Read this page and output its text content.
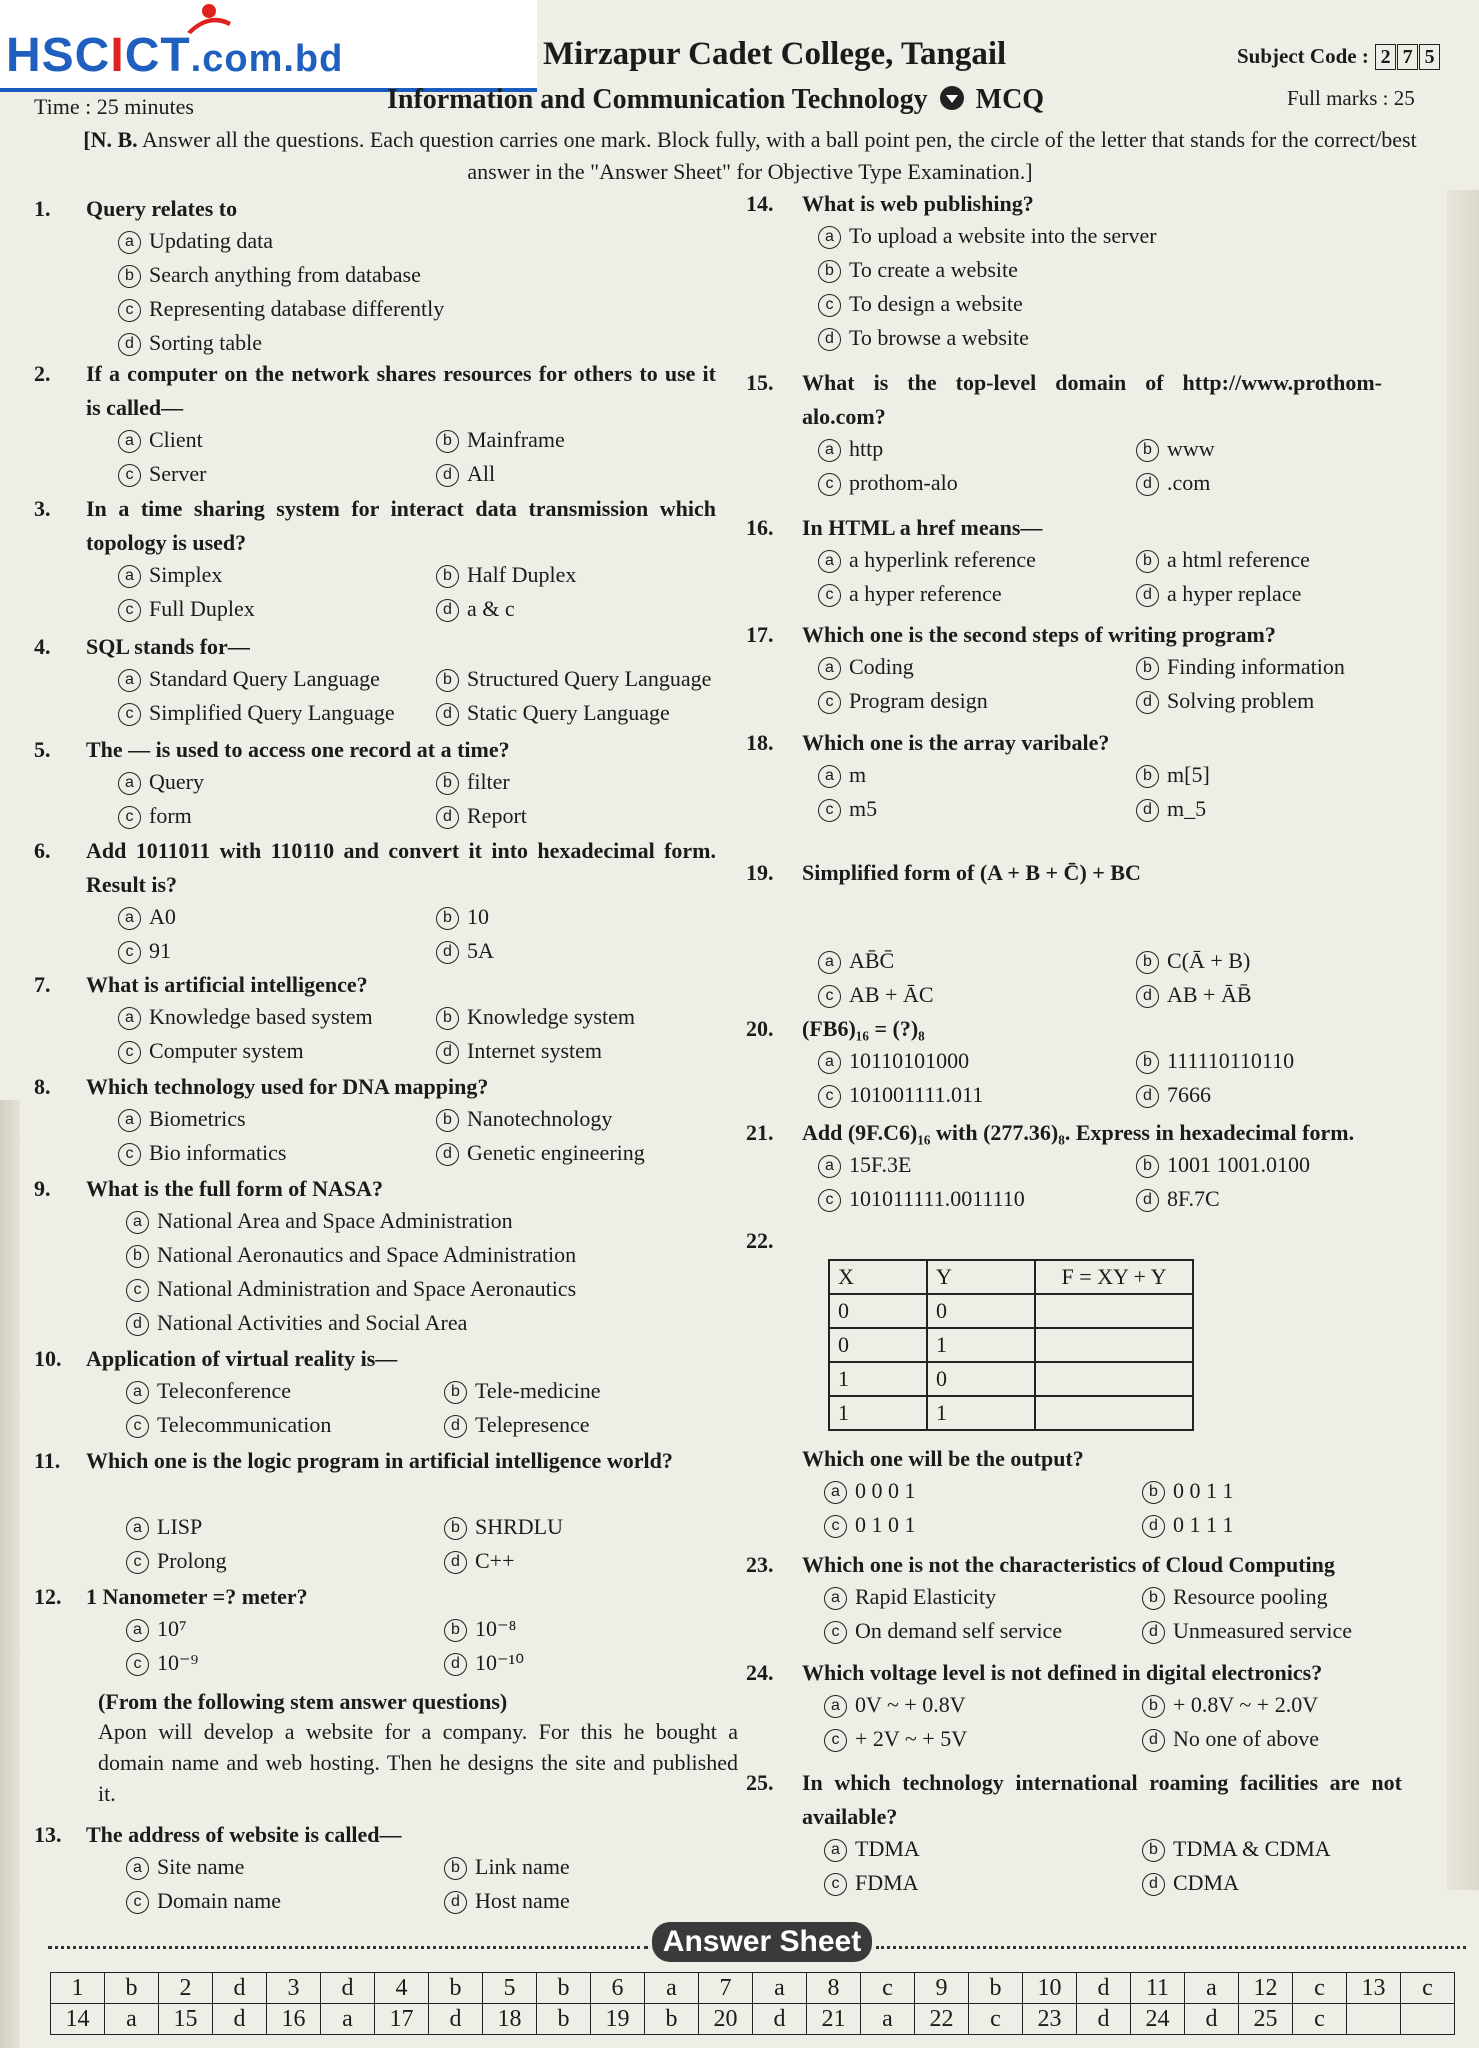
HSCICT.com.bd	Mirzapur Cadet College, Tangail	Subject Code : 2 7 5
Time : 25 minutes	Information and Communication Technology MCQ	Full marks : 25
[N. B. Answer all the questions. Each question carries one mark. Block fully, with a ball point pen, the circle of the letter that stands for the correct/best answer in the "Answer Sheet" for Objective Type Examination.]
1. Query relates to
a Updating data
b Search anything from database
c Representing database differently
d Sorting table
2. If a computer on the network shares resources for others to use it is called—
a Client	b Mainframe
c Server	d All
3. In a time sharing system for interact data transmission which topology is used?
a Simplex	b Half Duplex
c Full Duplex	d a & c
4. SQL stands for—
a Standard Query Language	b Structured Query Language
c Simplified Query Language	d Static Query Language
5. The — is used to access one record at a time?
a Query	b filter
c form	d Report
6. Add 1011011 with 110110 and convert it into hexadecimal form. Result is?
a A0	b 10
c 91	d 5A
7. What is artificial intelligence?
a Knowledge based system	b Knowledge system
c Computer system	d Internet system
8. Which technology used for DNA mapping?
a Biometrics	b Nanotechnology
c Bio informatics	d Genetic engineering
9. What is the full form of NASA?
a National Area and Space Administration
b National Aeronautics and Space Administration
c National Administration and Space Aeronautics
d National Activities and Social Area
10. Application of virtual reality is—
a Teleconference	b Tele-medicine
c Telecommunication	d Telepresence
11. Which one is the logic program in artificial intelligence world?
a LISP	b SHRDLU
c Prolong	d C++
12. 1 Nanometer =? meter?
a 10⁷	b 10⁻⁸
c 10⁻⁹	d 10⁻¹⁰
13. The address of website is called—
a Site name	b Link name
c Domain name	d Host name
14. What is web publishing?
a To upload a website into the server
b To create a website
c To design a website
d To browse a website
15. What is the top-level domain of http://www.prothom-alo.com?
a http	b www
c prothom-alo	d .com
16. In HTML a href means—
a a hyperlink reference	b a html reference
c a hyper reference	d a hyper replace
17. Which one is the second steps of writing program?
a Coding	b Finding information
c Program design	d Solving problem
18. Which one is the array varibale?
a m	b m[5]
c m5	d m_5
19. Simplified form of (A + B + C̄) + BC
a AB̄C̄	b C(Ā + B)
c AB + ĀC	d AB + ĀB̄
20. (FB6)₁₆ = (?)₈
a 10110101000	b 111110110110
c 101001111.011	d 7666
21. Add (9F.C6)₁₆ with (277.36)₈. Express in hexadecimal form.
a 15F.3E	b 1001 1001.0100
c 101011111.0011110	d 8F.7C
22.
Which one will be the output?
a 0 0 0 1	b 0 0 1 1
c 0 1 0 1	d 0 1 1 1
23. Which one is not the characteristics of Cloud Computing
a Rapid Elasticity	b Resource pooling
c On demand self service	d Unmeasured service
24. Which voltage level is not defined in digital electronics?
a 0V ~ + 0.8V	b + 0.8V ~ + 2.0V
c + 2V ~ + 5V	d No one of above
25. In which technology international roaming facilities are not available?
a TDMA	b TDMA & CDMA
c FDMA	d CDMA
X	Y	F = XY + Y
0	0	
0	1	
1	0	
1	1	
(From the following stem answer questions)
Apon will develop a website for a company. For this he bought a domain name and web hosting. Then he designs the site and published it.
Answer Sheet
1	b	2	d	3	d	4	b	5	b	6	a	7	a	8	c	9	b	10	d	11	a	12	c	13	c
14	a	15	d	16	a	17	d	18	b	19	b	20	d	21	a	22	c	23	d	24	d	25	c		
